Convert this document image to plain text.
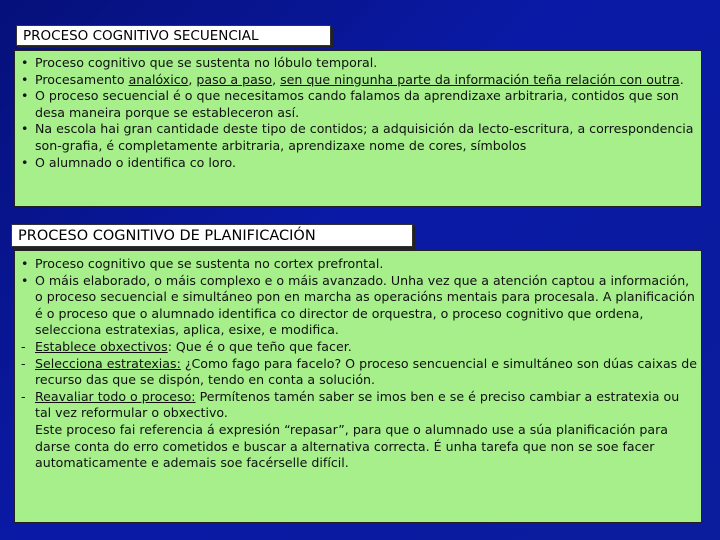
PROCESO COGNITIVO SECUENCIAL
• Proceso cognitivo que se sustenta no lóbulo temporal.
• Procesamento analóxico, paso a paso, sen que ningunha parte da información teña relación con outra.
• O proceso secuencial é o que necesitamos cando falamos da aprendizaxe arbitraria, contidos que son desa maneira porque se estableceron así.
• Na escola hai gran cantidade deste tipo de contidos; a adquisición da lecto-escritura, a correspondencia son-grafia, é completamente arbitraria, aprendizaxe nome de cores, símbolos
• O alumnado o identifica co loro.
PROCESO COGNITIVO DE PLANIFICACIÓN
• Proceso cognitivo que se sustenta no cortex prefrontal.
• O máis elaborado, o máis complexo e o máis avanzado. Unha vez que a atención captou a información, o proceso secuencial e simultáneo pon en marcha as operacións mentais para procesala. A planificación é o proceso que o alumnado identifica co director de orquestra, o proceso cognitivo que ordena, selecciona estratexias, aplica, esixe, e modifica.
- Establece obxectivos: Que é o que teño que facer.
- Selecciona estratexias: ¿Como fago para facelo? O proceso sencuencial e simultáneo son dúas caixas de recurso das que se dispón, tendo en conta a solución.
- Reavaliar todo o proceso: Permítenos tamén saber se imos ben e se é preciso cambiar a estratexia ou tal vez reformular o obxectivo.
Este proceso fai referencia á expresión “repasar”, para que o alumnado use a súa planificación para darse conta do erro cometidos e buscar a alternativa correcta. É unha tarefa que non se soe facer automaticamente e ademais soe facérselle difícil.
